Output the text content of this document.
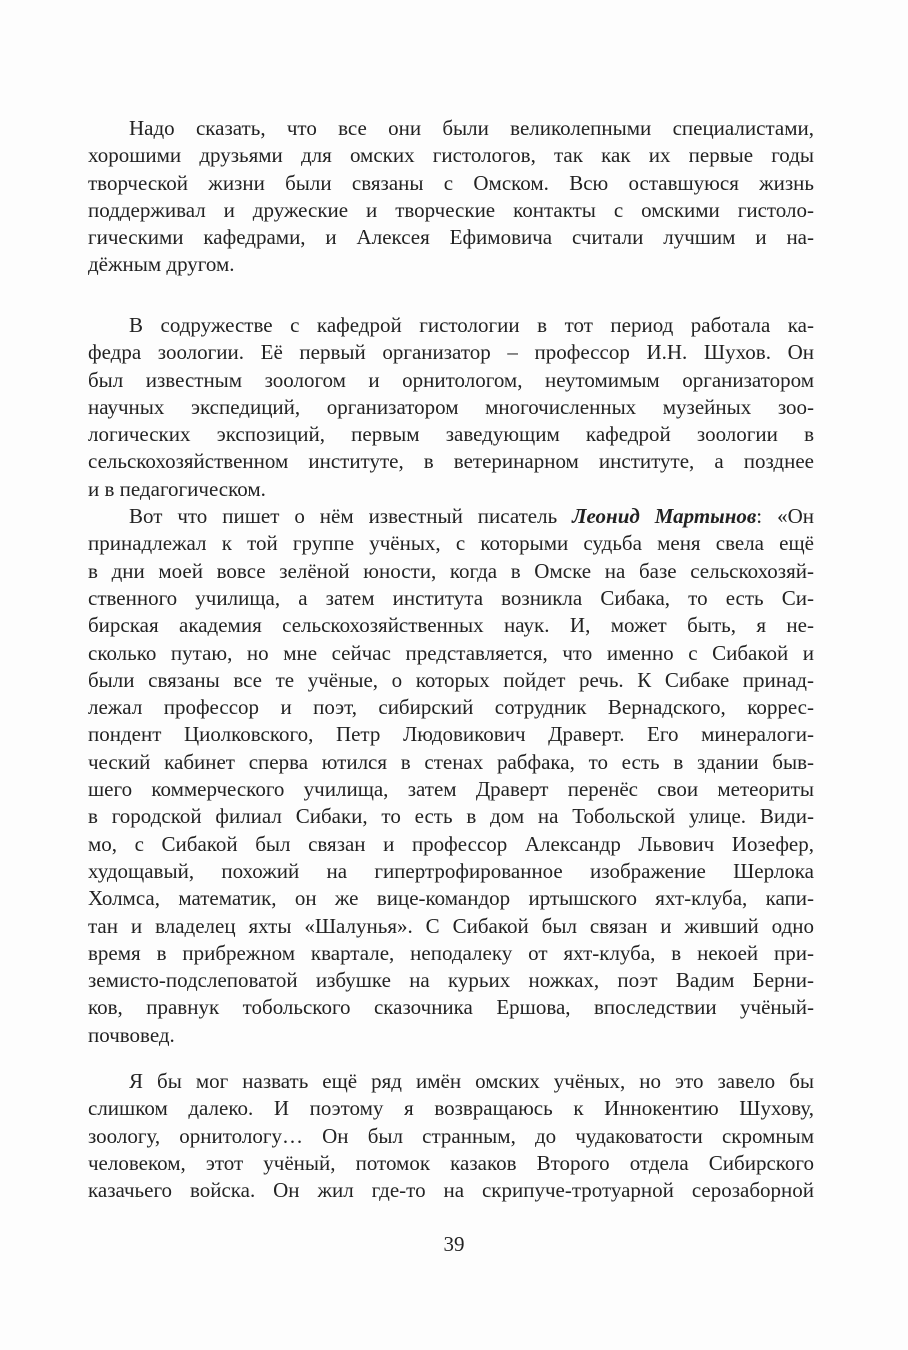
Надо сказать, что все они были великолепными специалистами,
хорошими друзьями для омских гистологов, так как их первые годы
творческой жизни были связаны с Омском. Всю оставшуюся жизнь
поддерживал и дружеские и творческие контакты с омскими гистоло-
гическими кафедрами, и Алексея Ефимовича считали лучшим и на-
дёжным другом.
В содружестве с кафедрой гистологии в тот период работала ка-
федра зоологии. Её первый организатор – профессор И.Н. Шухов. Он
был известным зоологом и орнитологом, неутомимым организатором
научных экспедиций, организатором многочисленных музейных зоо-
логических экспозиций, первым заведующим кафедрой зоологии в
сельскохозяйственном институте, в ветеринарном институте, а позднее
и в педагогическом.
Вот что пишет о нём известный писатель Леонид Мартынов: «Он
принадлежал к той группе учёных, с которыми судьба меня свела ещё
в дни моей вовсе зелёной юности, когда в Омске на базе сельскохозяй-
ственного училища, а затем института возникла Сибака, то есть Си-
бирская академия сельскохозяйственных наук. И, может быть, я не-
сколько путаю, но мне сейчас представляется, что именно с Сибакой и
были связаны все те учёные, о которых пойдет речь. К Сибаке принад-
лежал профессор и поэт, сибирский сотрудник Вернадского, коррес-
пондент Циолковского, Петр Людовикович Драверт. Его минералоги-
ческий кабинет сперва ютился в стенах рабфака, то есть в здании быв-
шего коммерческого училища, затем Драверт перенёс свои метеориты
в городской филиал Сибаки, то есть в дом на Тобольской улице. Види-
мо, с Сибакой был связан и профессор Александр Львович Иозефер,
худощавый, похожий на гипертрофированное изображение Шерлока
Холмса, математик, он же вице-командор иртышского яхт-клуба, капи-
тан и владелец яхты «Шалунья». С Сибакой был связан и живший одно
время в прибрежном квартале, неподалеку от яхт-клуба, в некоей при-
земисто-подслеповатой избушке на курьих ножках, поэт Вадим Берни-
ков, правнук тобольского сказочника Ершова, впоследствии учёный-
почвовед.
Я бы мог назвать ещё ряд имён омских учёных, но это завело бы
слишком далеко. И поэтому я возвращаюсь к Иннокентию Шухову,
зоологу, орнитологу… Он был странным, до чудаковатости скромным
человеком, этот учёный, потомок казаков Второго отдела Сибирского
казачьего войска. Он жил где-то на скрипуче-тротуарной серозаборной
39
